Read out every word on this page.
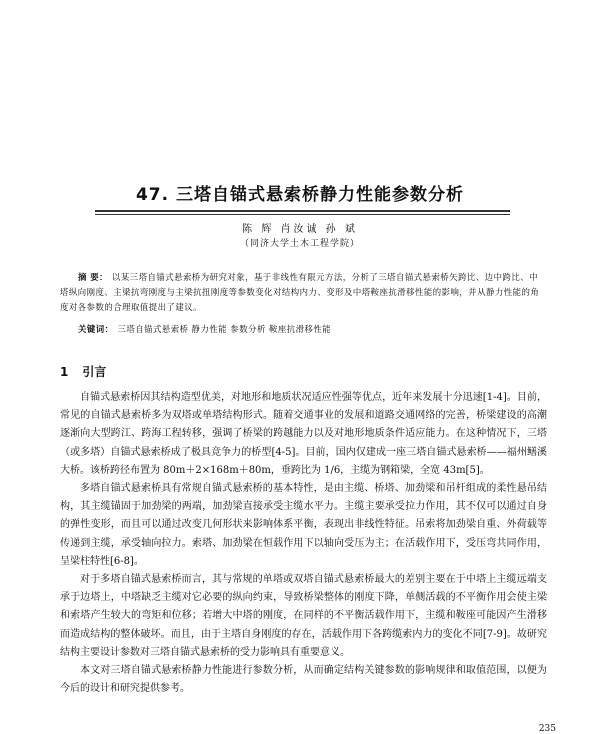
47. 三塔自锚式悬索桥静力性能参数分析
陈 辉 肖汝诚 孙 斌
（同济大学土木工程学院）
摘 要： 以某三塔自锚式悬索桥为研究对象，基于非线性有限元方法，分析了三塔自锚式悬索桥矢跨比、边中跨比、中塔纵向刚度、主梁抗弯刚度与主梁抗扭刚度等参数变化对结构内力、变形及中塔鞍座抗滑移性能的影响，并从静力性能的角度对各参数的合理取值提出了建议。
关键词： 三塔自锚式悬索桥 静力性能 参数分析 鞍座抗滑移性能
1 引言

自锚式悬索桥因其结构造型优美，对地形和地质状况适应性强等优点，近年来发展十分迅速[1-4]。目前，常见的自锚式悬索桥多为双塔或单塔结构形式。随着交通事业的发展和道路交通网络的完善，桥梁建设的高潮逐渐向大型跨江、跨海工程转移，强调了桥梁的跨越能力以及对地形地质条件适应能力。在这种情况下，三塔（或多塔）自锚式悬索桥成了极具竞争力的桥型[4-5]。目前，国内仅建成一座三塔自锚式悬索桥——福州鳝溪大桥。该桥跨径布置为 80m＋2×168m＋80m，垂跨比为 1/6，主缆为钢箱梁，全宽 43m[5]。

多塔自锚式悬索桥具有常规自锚式悬索桥的基本特性，是由主缆、桥塔、加劲梁和吊杆组成的柔性悬吊结构，其主缆锚固于加劲梁的两端，加劲梁直接承受主缆水平力。主缆主要承受拉力作用，其不仅可以通过自身的弹性变形，而且可以通过改变几何形状来影响体系平衡，表现出非线性特征。吊索将加劲梁自重、外荷载等传递到主缆，承受轴向拉力。索塔、加劲梁在恒载作用下以轴向受压为主；在活载作用下，受压弯共同作用，呈梁柱特性[6-8]。

对于多塔自锚式悬索桥而言，其与常规的单塔或双塔自锚式悬索桥最大的差别主要在于中塔上主缆远端支承于边塔上，中塔缺乏主缆对它必要的纵向约束，导致桥梁整体的刚度下降，单侧活载的不平衡作用会使主梁和索塔产生较大的弯矩和位移；若增大中塔的刚度，在同样的不平衡活载作用下，主缆和鞍座可能因产生滑移而造成结构的整体破坏。而且，由于主塔自身刚度的存在，活载作用下各跨缆索内力的变化不同[7-9]。故研究结构主要设计参数对三塔自锚式悬索桥的受力影响具有重要意义。

本文对三塔自锚式悬索桥静力性能进行参数分析，从而确定结构关键参数的影响规律和取值范围，以便为今后的设计和研究提供参考。

235
